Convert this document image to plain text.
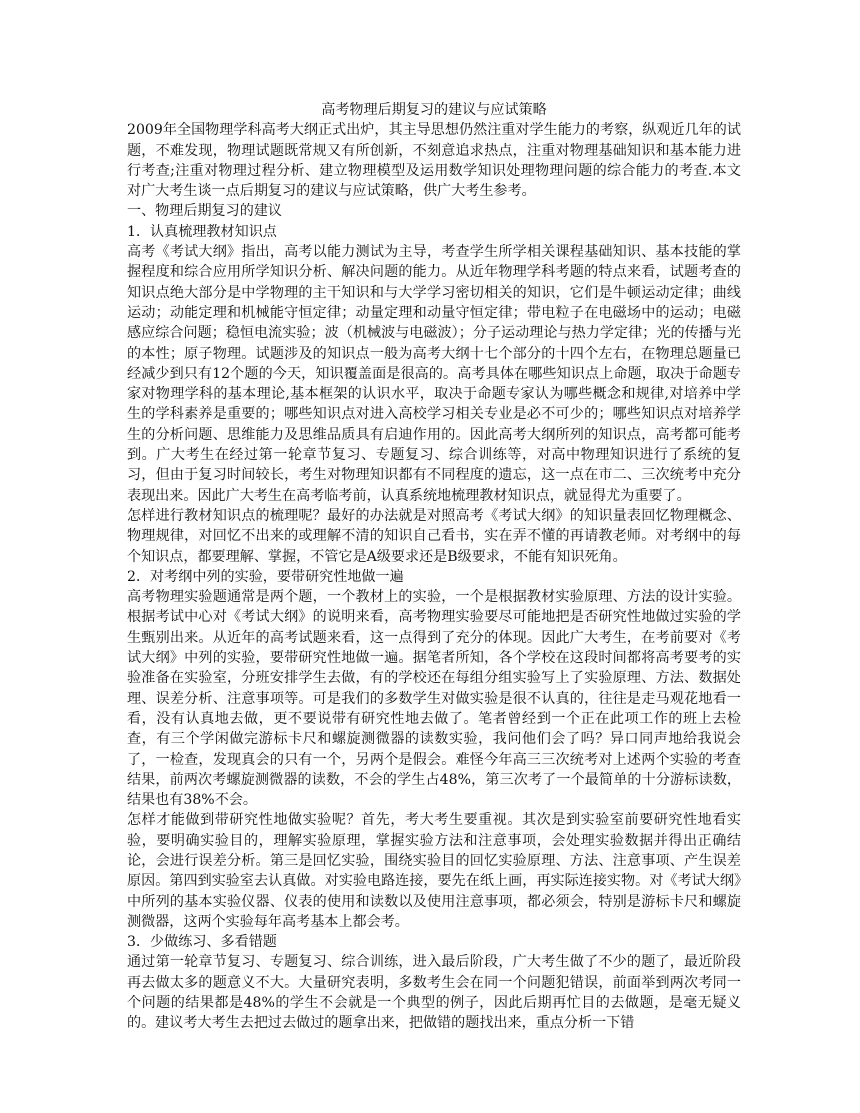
高考物理后期复习的建议与应试策略

2009年全国物理学科高考大纲正式出炉，其主导思想仍然注重对学生能力的考察，纵观近几年的试题，不难发现，物理试题既常规又有所创新，不刻意追求热点，注重对物理基础知识和基本能力进行考查;注重对物理过程分析、建立物理模型及运用数学知识处理物理问题的综合能力的考查.本文对广大考生谈一点后期复习的建议与应试策略，供广大考生参考。

一、物理后期复习的建议

1．认真梳理教材知识点

高考《考试大纲》指出，高考以能力测试为主导，考查学生所学相关课程基础知识、基本技能的掌握程度和综合应用所学知识分析、解决问题的能力。从近年物理学科考题的特点来看，试题考查的知识点绝大部分是中学物理的主干知识和与大学学习密切相关的知识，它们是牛顿运动定律；曲线运动；动能定理和机械能守恒定律；动量定理和动量守恒定律；带电粒子在电磁场中的运动；电磁感应综合问题；稳恒电流实验；波（机械波与电磁波）；分子运动理论与热力学定律；光的传播与光的本性；原子物理。试题涉及的知识点一般为高考大纲十七个部分的十四个左右，在物理总题量已经减少到只有12个题的今天，知识覆盖面是很高的。高考具体在哪些知识点上命题，取决于命题专家对物理学科的基本理论,基本框架的认识水平，取决于命题专家认为哪些概念和规律,对培养中学生的学科素养是重要的；哪些知识点对进入高校学习相关专业是必不可少的；哪些知识点对培养学生的分析问题、思维能力及思维品质具有启迪作用的。因此高考大纲所列的知识点，高考都可能考到。广大考生在经过第一轮章节复习、专题复习、综合训练等，对高中物理知识进行了系统的复习，但由于复习时间较长，考生对物理知识都有不同程度的遗忘，这一点在市二、三次统考中充分表现出来。因此广大考生在高考临考前，认真系统地梳理教材知识点，就显得尤为重要了。

怎样进行教材知识点的梳理呢？最好的办法就是对照高考《考试大纲》的知识量表回忆物理概念、物理规律，对回忆不出来的或理解不清的知识自己看书，实在弄不懂的再请教老师。对考纲中的每个知识点，都要理解、掌握，不管它是A级要求还是B级要求，不能有知识死角。

2．对考纲中列的实验，要带研究性地做一遍

高考物理实验题通常是两个题，一个教材上的实验，一个是根据教材实验原理、方法的设计实验。根据考试中心对《考试大纲》的说明来看，高考物理实验要尽可能地把是否研究性地做过实验的学生甄别出来。从近年的高考试题来看，这一点得到了充分的体现。因此广大考生，在考前要对《考试大纲》中列的实验，要带研究性地做一遍。据笔者所知，各个学校在这段时间都将高考要考的实验准备在实验室，分班安排学生去做，有的学校还在每组分组实验写上了实验原理、方法、数据处理、误差分析、注意事项等。可是我们的多数学生对做实验是很不认真的，往往是走马观花地看一看，没有认真地去做，更不要说带有研究性地去做了。笔者曾经到一个正在此项工作的班上去检查，有三个学闲做完游标卡尺和螺旋测微器的读数实验，我问他们会了吗？异口同声地给我说会了，一检查，发现真会的只有一个，另两个是假会。难怪今年高三三次统考对上述两个实验的考查结果，前两次考螺旋测微器的读数，不会的学生占48%，第三次考了一个最简单的十分游标读数，结果也有38%不会。

怎样才能做到带研究性地做实验呢？首先，考大考生要重视。其次是到实验室前要研究性地看实验，要明确实验目的，理解实验原理，掌握实验方法和注意事项，会处理实验数据并得出正确结论，会进行误差分析。第三是回忆实验，围绕实验目的回忆实验原理、方法、注意事项、产生误差原因。第四到实验室去认真做。对实验电路连接，要先在纸上画，再实际连接实物。对《考试大纲》中所列的基本实验仪器、仪表的使用和读数以及使用注意事项，都必须会，特别是游标卡尺和螺旋测微器，这两个实验每年高考基本上都会考。

3．少做练习、多看错题

通过第一轮章节复习、专题复习、综合训练，进入最后阶段，广大考生做了不少的题了，最近阶段再去做太多的题意义不大。大量研究表明，多数考生会在同一个问题犯错误，前面举到两次考同一个问题的结果都是48%的学生不会就是一个典型的例子，因此后期再忙目的去做题，是毫无疑义的。建议考大考生去把过去做过的题拿出来，把做错的题找出来，重点分析一下错
